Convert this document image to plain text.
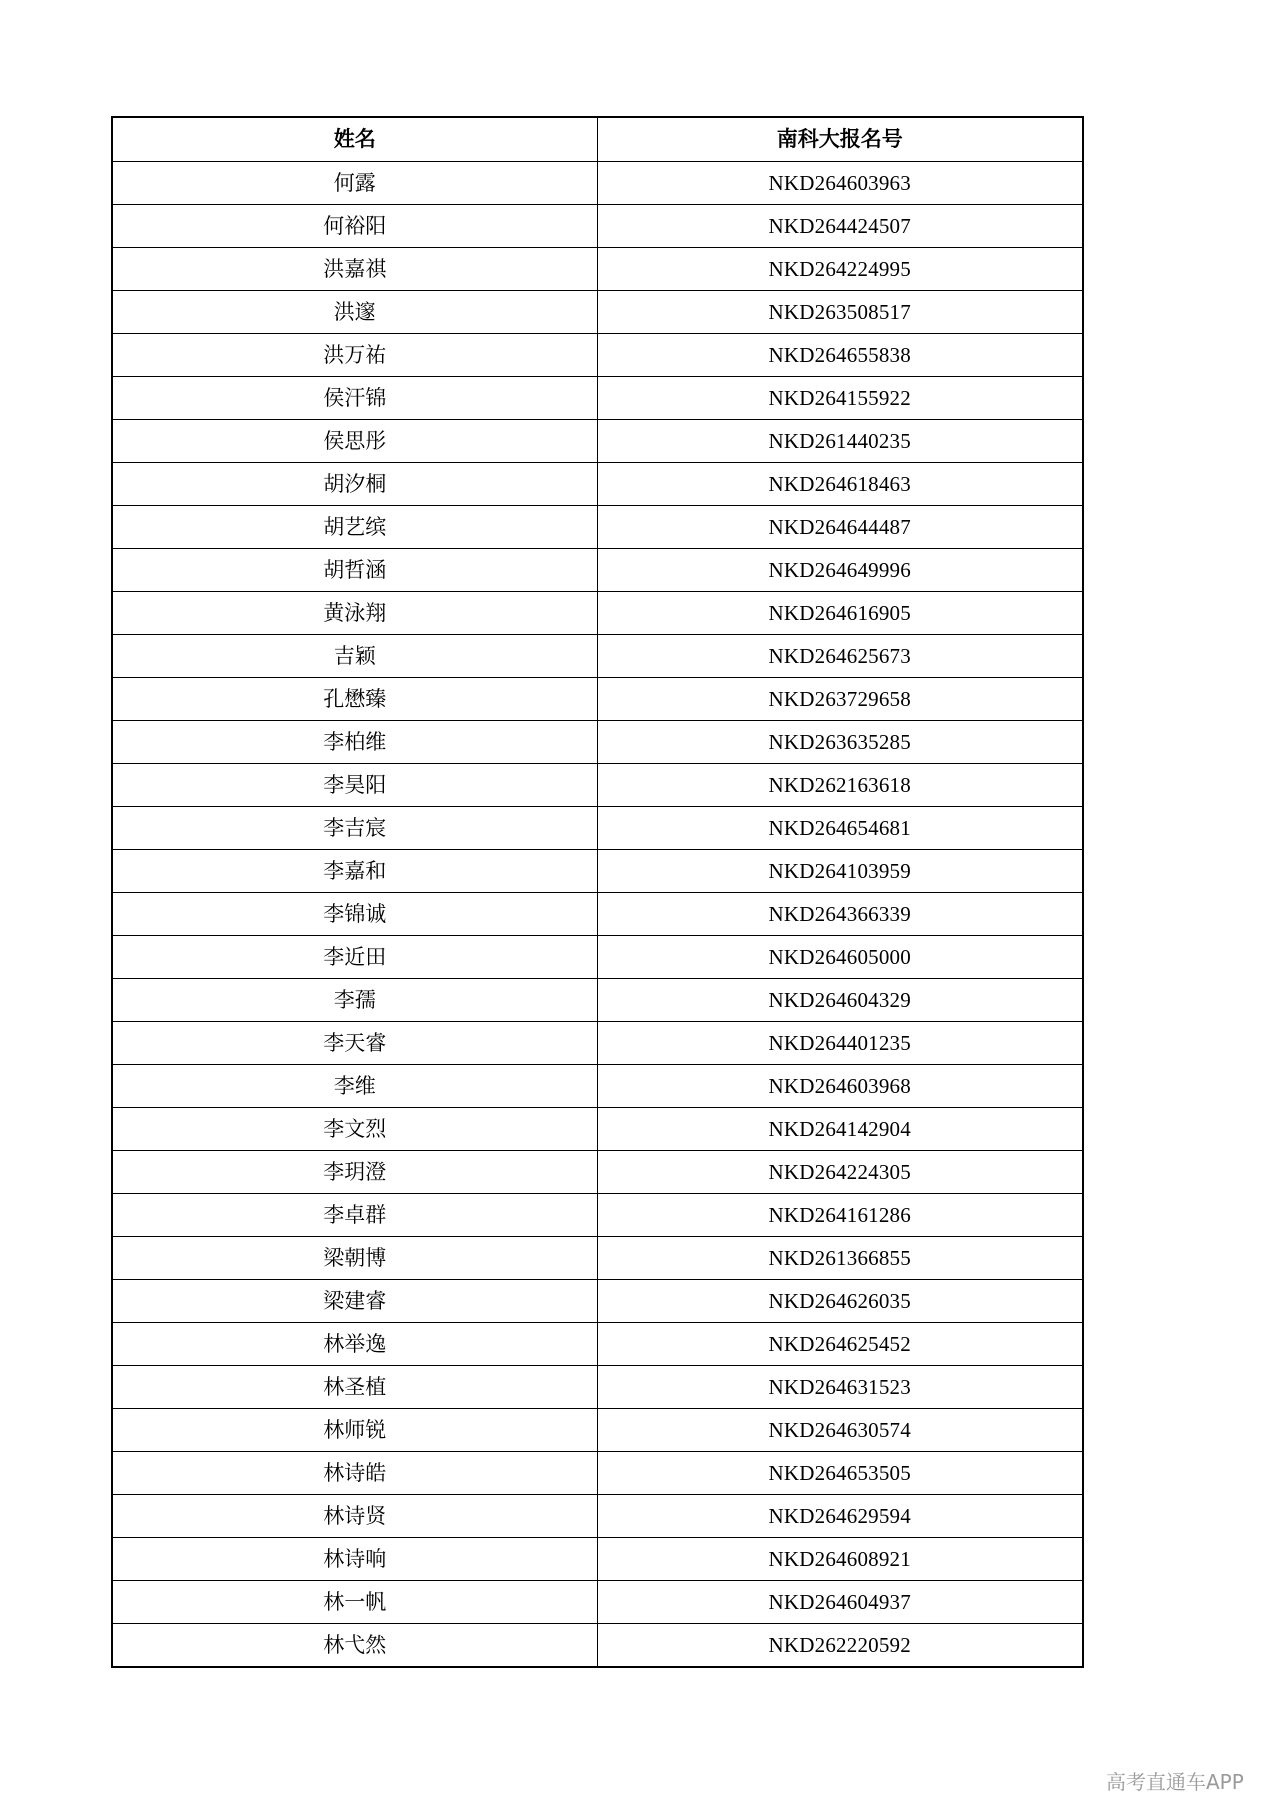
姓名	南科大报名号
何露	NKD264603963
何裕阳	NKD264424507
洪嘉祺	NKD264224995
洪邃	NKD263508517
洪万祐	NKD264655838
侯汗锦	NKD264155922
侯思彤	NKD261440235
胡汐桐	NKD264618463
胡艺缤	NKD264644487
胡哲涵	NKD264649996
黄泳翔	NKD264616905
吉颖	NKD264625673
孔懋臻	NKD263729658
李柏维	NKD263635285
李昊阳	NKD262163618
李吉宸	NKD264654681
李嘉和	NKD264103959
李锦诚	NKD264366339
李近田	NKD264605000
李孺	NKD264604329
李天睿	NKD264401235
李维	NKD264603968
李文烈	NKD264142904
李玥澄	NKD264224305
李卓群	NKD264161286
梁朝博	NKD261366855
梁建睿	NKD264626035
林举逸	NKD264625452
林圣植	NKD264631523
林师锐	NKD264630574
林诗皓	NKD264653505
林诗贤	NKD264629594
林诗响	NKD264608921
林一帆	NKD264604937
林弋然	NKD262220592
高考直通车APP
